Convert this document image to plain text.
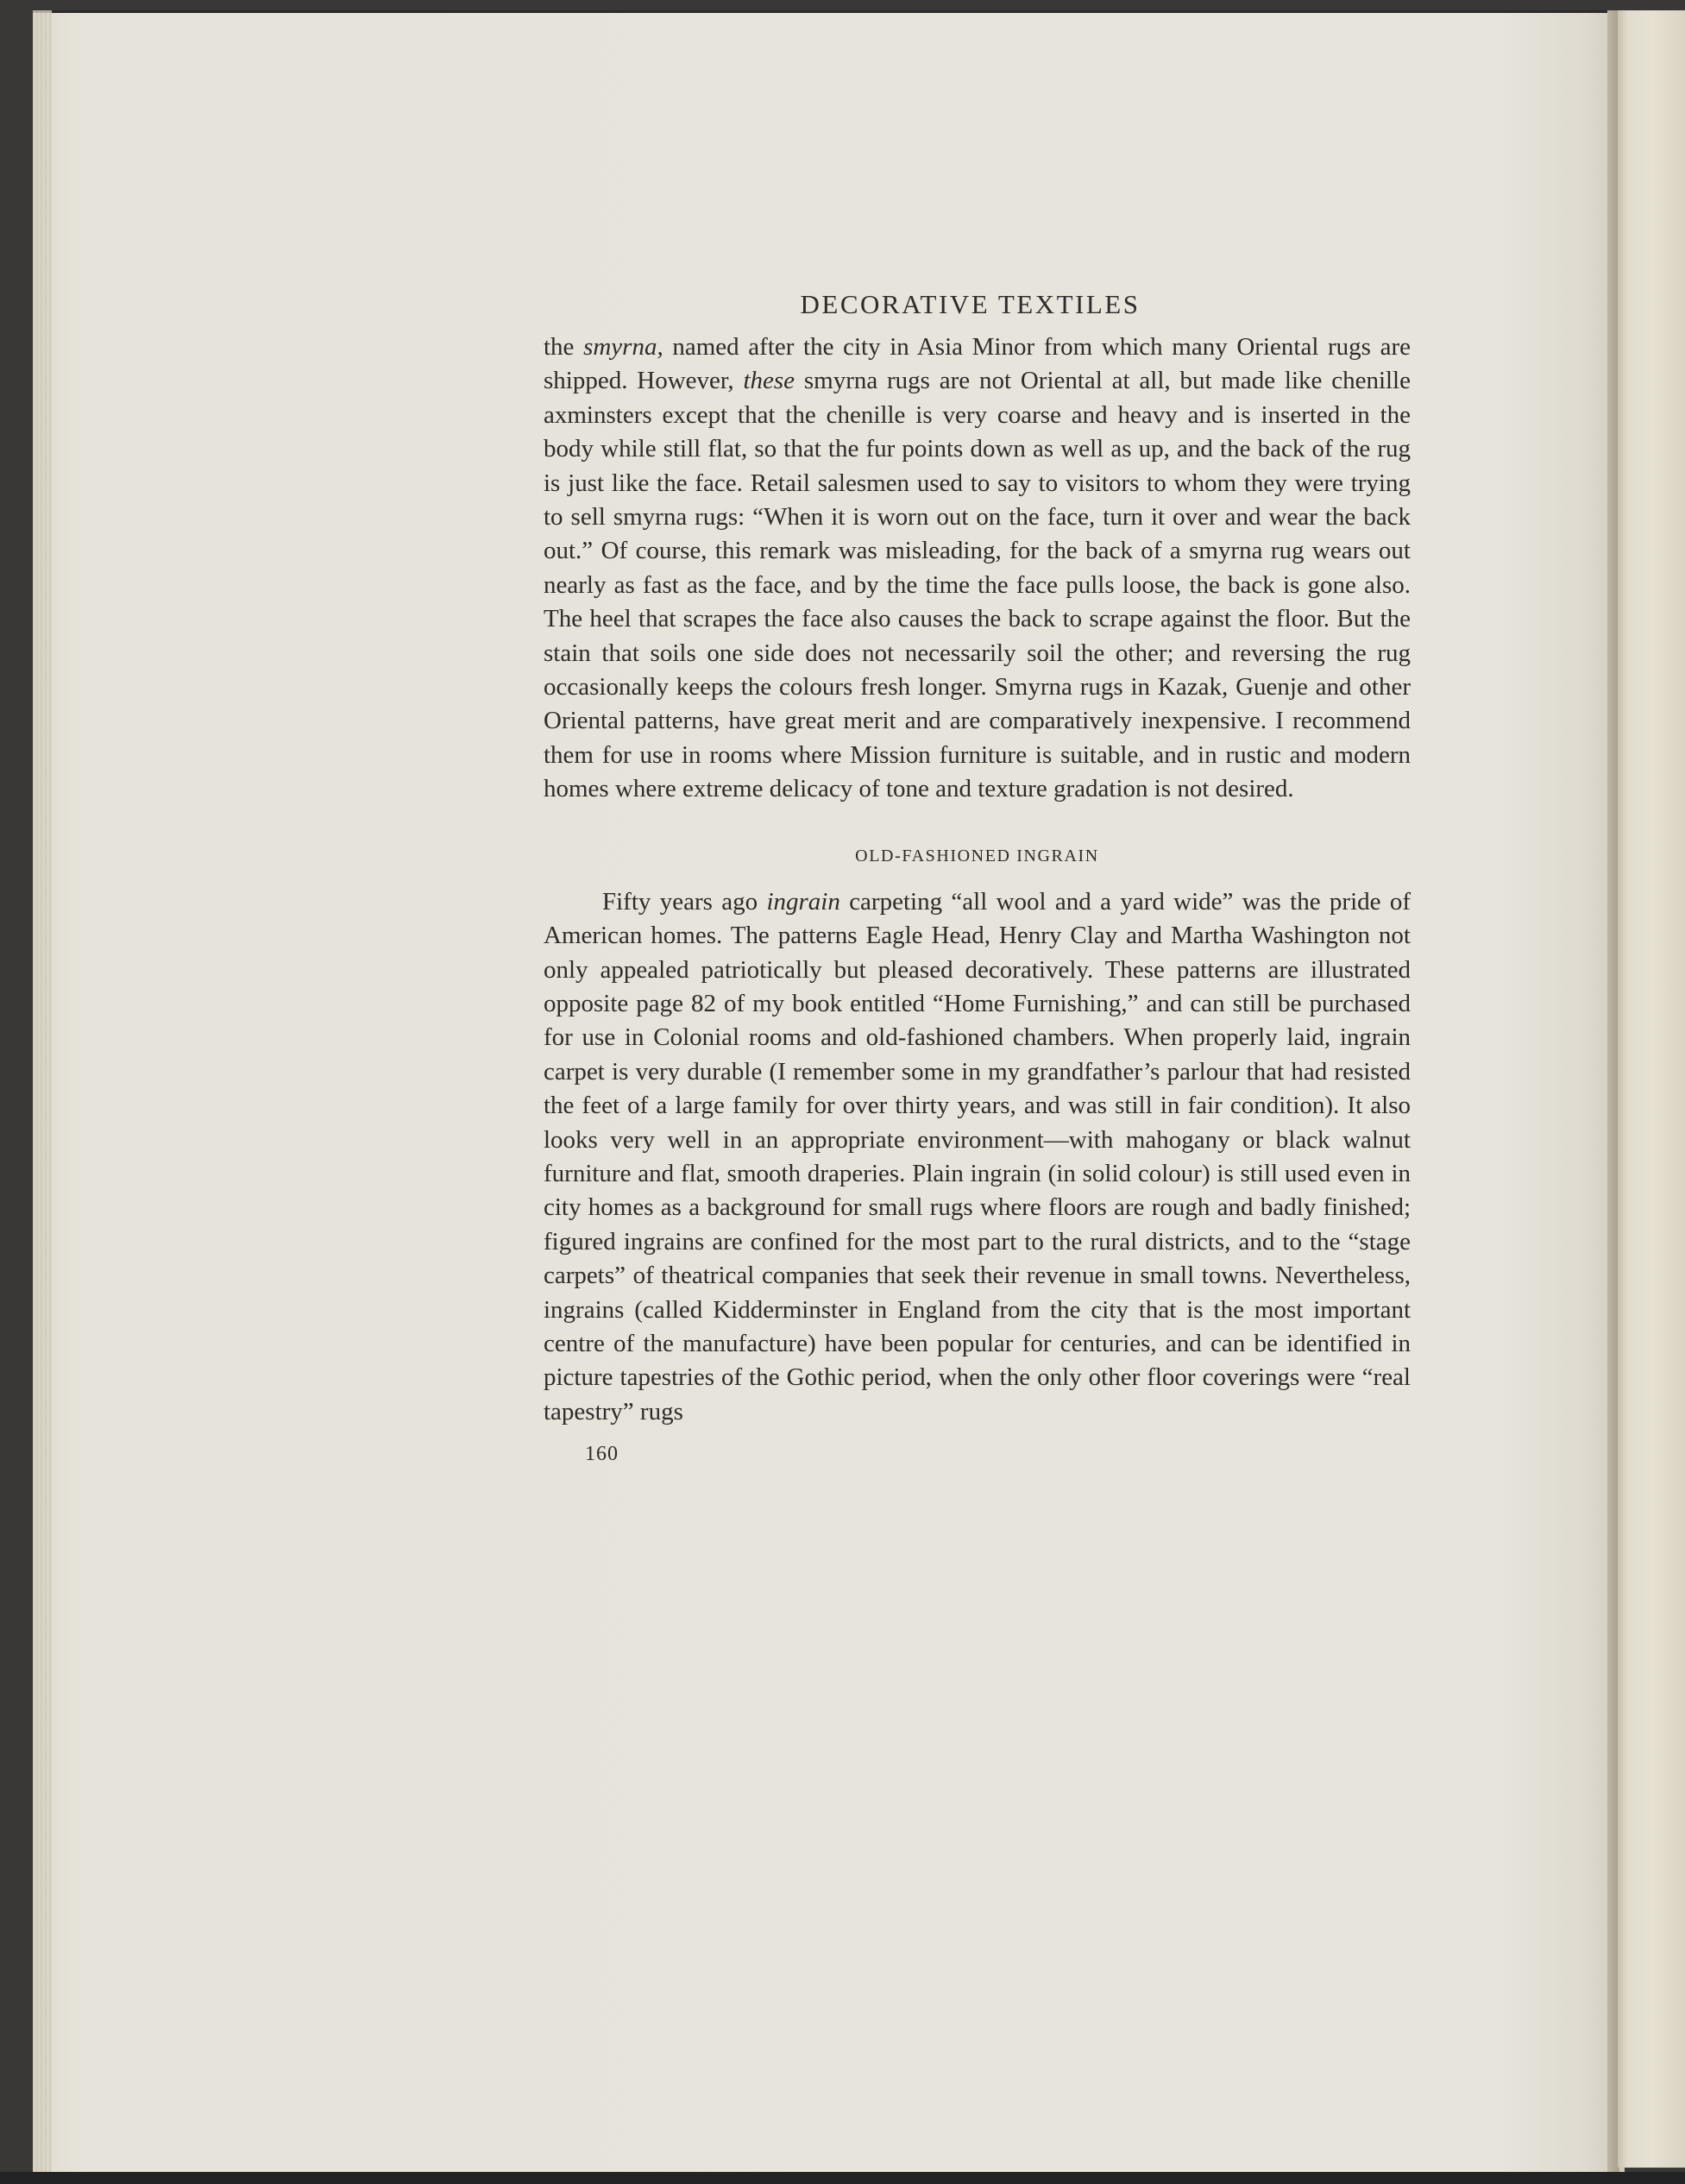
DECORATIVE TEXTILES

the smyrna, named after the city in Asia Minor from which many Oriental rugs are shipped. However, these smyrna rugs are not Oriental at all, but made like chenille axminsters except that the chenille is very coarse and heavy and is inserted in the body while still flat, so that the fur points down as well as up, and the back of the rug is just like the face. Retail salesmen used to say to visitors to whom they were trying to sell smyrna rugs: “When it is worn out on the face, turn it over and wear the back out.” Of course, this remark was misleading, for the back of a smyrna rug wears out nearly as fast as the face, and by the time the face pulls loose, the back is gone also. The heel that scrapes the face also causes the back to scrape against the floor. But the stain that soils one side does not necessarily soil the other; and reversing the rug occasionally keeps the colours fresh longer. Smyrna rugs in Kazak, Guenje and other Oriental patterns, have great merit and are comparatively inexpensive. I recommend them for use in rooms where Mission furniture is suitable, and in rustic and modern homes where extreme delicacy of tone and texture gradation is not desired.

OLD-FASHIONED INGRAIN

Fifty years ago ingrain carpeting “all wool and a yard wide” was the pride of American homes. The patterns Eagle Head, Henry Clay and Martha Washington not only appealed patriotically but pleased decoratively. These patterns are illustrated opposite page 82 of my book entitled “Home Furnishing,” and can still be purchased for use in Colonial rooms and old-fashioned chambers. When properly laid, ingrain carpet is very durable (I remember some in my grandfather’s parlour that had resisted the feet of a large family for over thirty years, and was still in fair condition). It also looks very well in an appropriate environment—with mahogany or black walnut furniture and flat, smooth draperies. Plain ingrain (in solid colour) is still used even in city homes as a background for small rugs where floors are rough and badly finished; figured ingrains are confined for the most part to the rural districts, and to the “stage carpets” of theatrical companies that seek their revenue in small towns. Nevertheless, ingrains (called Kidderminster in England from the city that is the most important centre of the manufacture) have been popular for centuries, and can be identified in picture tapestries of the Gothic period, when the only other floor coverings were “real tapestry” rugs

160
